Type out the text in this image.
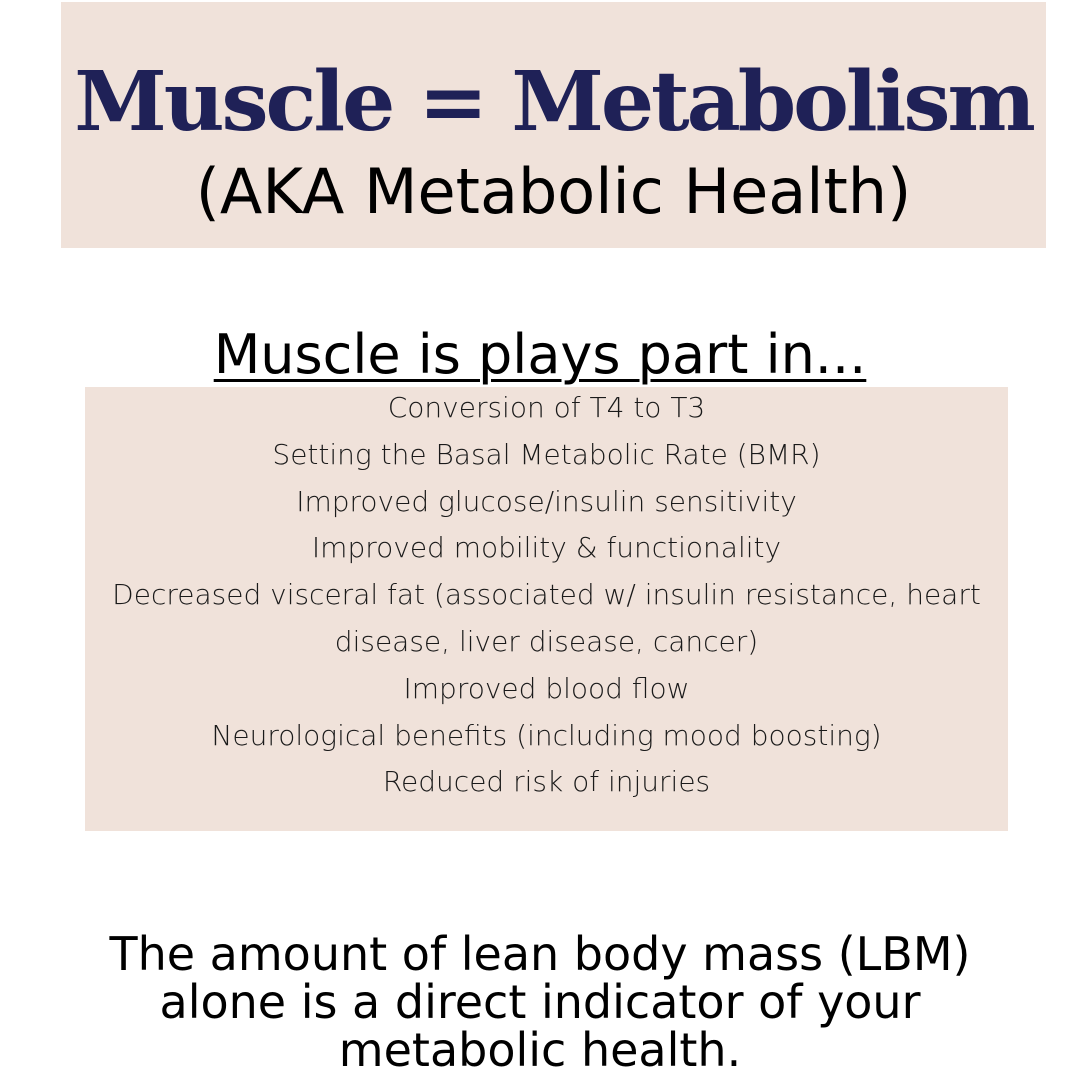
Muscle = Metabolism
(AKA Metabolic Health)
Muscle is plays part in...
Conversion of T4 to T3
Setting the Basal Metabolic Rate (BMR)
Improved glucose/insulin sensitivity
Improved mobility & functionality
Decreased visceral fat (associated w/ insulin resistance, heart disease, liver disease, cancer)
Improved blood flow
Neurological benefits (including mood boosting)
Reduced risk of injuries

The amount of lean body mass (LBM) alone is a direct indicator of your metabolic health.
